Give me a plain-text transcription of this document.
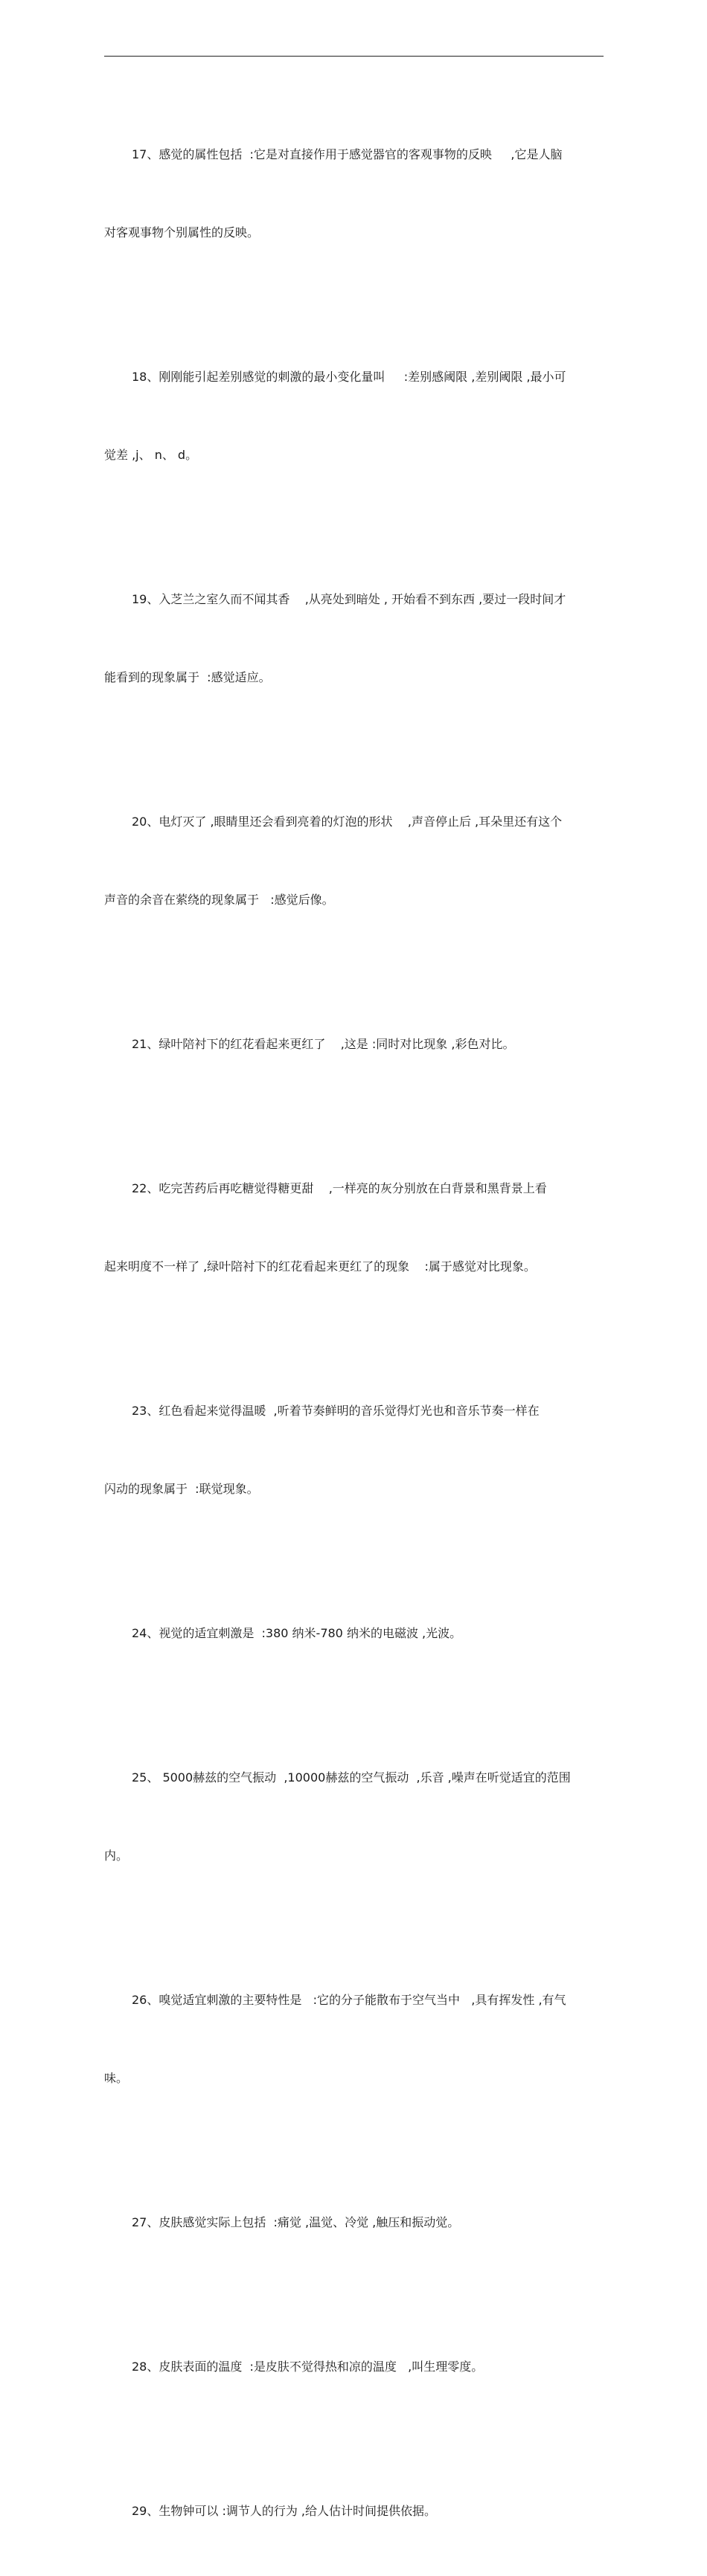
17、感觉的属性包括  :它是对直接作用于感觉器官的客观事物的反映     ,它是人脑

对客观事物个别属性的反映。

18、刚刚能引起差别感觉的刺激的最小变化量叫     :差别感阈限 ,差别阈限 ,最小可

觉差 ,j、 n、 d。

19、入芝兰之室久而不闻其香    ,从亮处到暗处 , 开始看不到东西 ,要过一段时间才

能看到的现象属于  :感觉适应。

20、电灯灭了 ,眼睛里还会看到亮着的灯泡的形状    ,声音停止后 ,耳朵里还有这个

声音的余音在萦绕的现象属于   :感觉后像。

21、绿叶陪衬下的红花看起来更红了    ,这是 :同时对比现象 ,彩色对比。

22、吃完苦药后再吃糖觉得糖更甜    ,一样亮的灰分别放在白背景和黑背景上看

起来明度不一样了 ,绿叶陪衬下的红花看起来更红了的现象    :属于感觉对比现象。

23、红色看起来觉得温暖  ,听着节奏鲜明的音乐觉得灯光也和音乐节奏一样在

闪动的现象属于  :联觉现象。

24、视觉的适宜刺激是  :380 纳米-780 纳米的电磁波 ,光波。

25、 5000赫兹的空气振动  ,10000赫兹的空气振动  ,乐音 ,噪声在听觉适宜的范围

内。

26、嗅觉适宜刺激的主要特性是   :它的分子能散布于空气当中   ,具有挥发性 ,有气

味。

27、皮肤感觉实际上包括  :痛觉 ,温觉、冷觉 ,触压和振动觉。

28、皮肤表面的温度  :是皮肤不觉得热和凉的温度   ,叫生理零度。

29、生物钟可以 :调节人的行为 ,给人估计时间提供依据。
